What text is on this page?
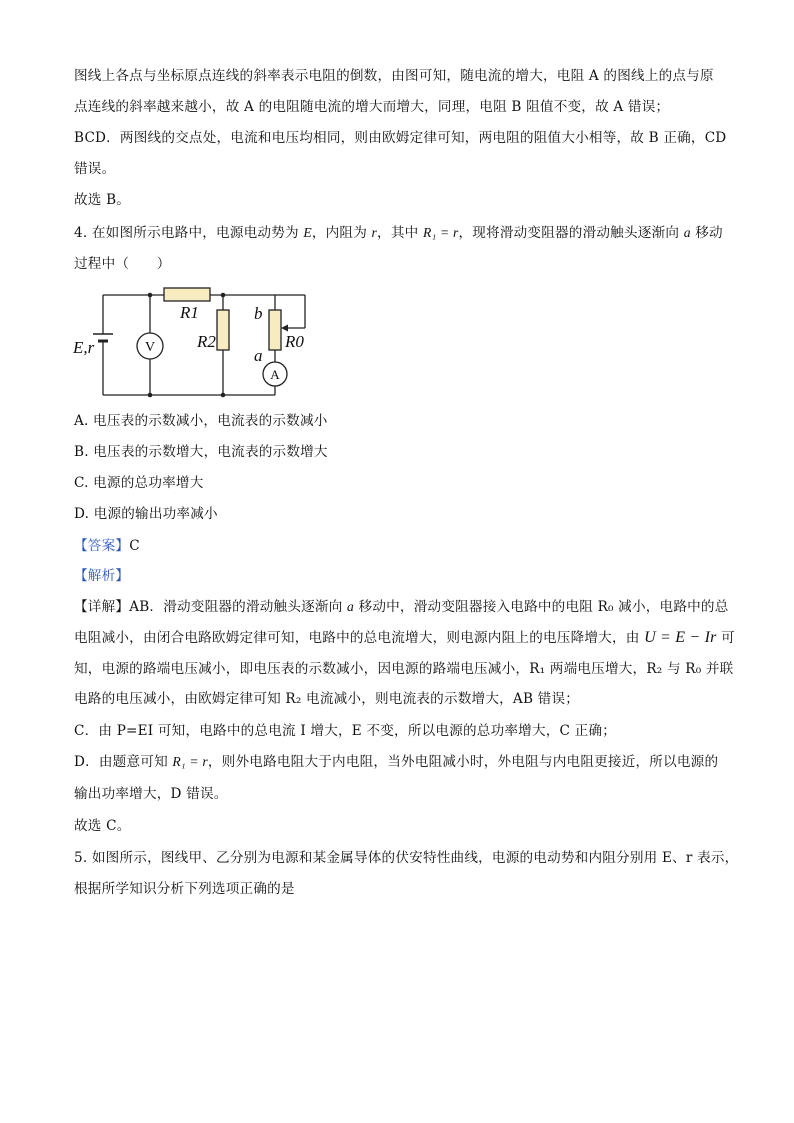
图线上各点与坐标原点连线的斜率表示电阻的倒数，由图可知，随电流的增大，电阻 A 的图线上的点与原
点连线的斜率越来越小，故 A 的电阻随电流的增大而增大，同理，电阻 B 阻值不变，故 A 错误；
BCD．两图线的交点处，电流和电压均相同，则由欧姆定律可知，两电阻的阻值大小相等，故 B 正确，CD
错误。
故选 B。
4. 在如图所示电路中，电源电动势为 E，内阻为 r，其中 R₁ = r，现将滑动变阻器的滑动触头逐渐向 a 移动
过程中（　　）
V
A
E,r
R1
R2	R0
b
a
A. 电压表的示数减小，电流表的示数减小
B. 电压表的示数增大，电流表的示数增大
C. 电源的总功率增大
D. 电源的输出功率减小
【答案】C
【解析】
【详解】AB．滑动变阻器的滑动触头逐渐向 a 移动中，滑动变阻器接入电路中的电阻 R₀ 减小，电路中的总
电阻减小，由闭合电路欧姆定律可知，电路中的总电流增大，则电源内阻上的电压降增大，由 U = E − Ir 可
知，电源的路端电压减小，即电压表的示数减小，因电源的路端电压减小，R₁ 两端电压增大，R₂ 与 R₀ 并联
电路的电压减小，由欧姆定律可知 R₂ 电流减小，则电流表的示数增大，AB 错误；
C．由 P=EI 可知，电路中的总电流 I 增大，E 不变，所以电源的总功率增大，C 正确；
D．由题意可知 R₁ = r，则外电路电阻大于内电阻，当外电阻减小时，外电阻与内电阻更接近，所以电源的
输出功率增大，D 错误。
故选 C。
5. 如图所示，图线甲、乙分别为电源和某金属导体的伏安特性曲线，电源的电动势和内阻分别用 E、r 表示，
根据所学知识分析下列选项正确的是
